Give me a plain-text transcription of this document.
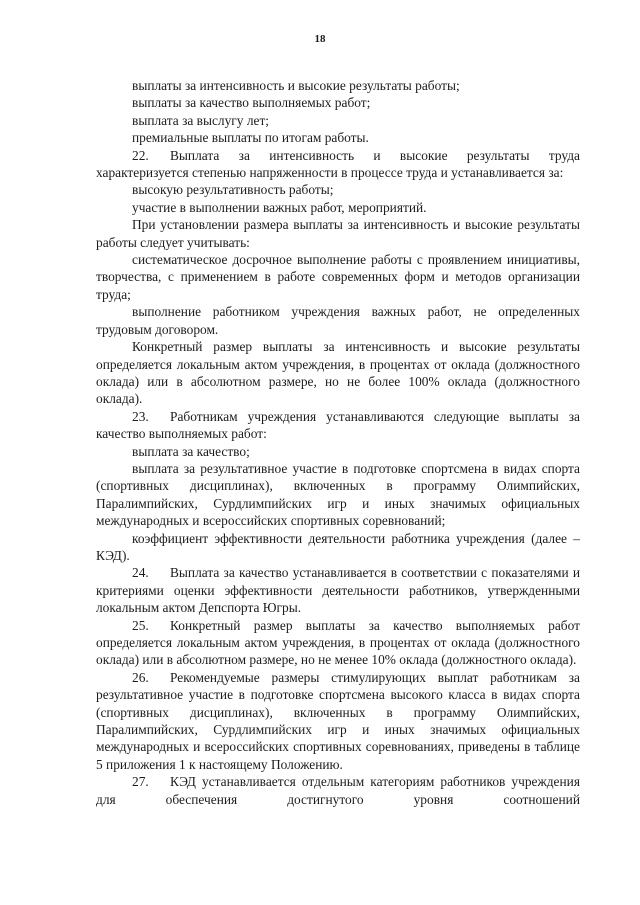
18

выплаты за интенсивность и высокие результаты работы;

выплаты за качество выполняемых работ;

выплата за выслугу лет;

премиальные выплаты по итогам работы.

22. Выплата за интенсивность и высокие результаты труда характеризуется степенью напряженности в процессе труда и устанавливается за:

высокую результативность работы;

участие в выполнении важных работ, мероприятий.

При установлении размера выплаты за интенсивность и высокие результаты работы следует учитывать:

систематическое досрочное выполнение работы с проявлением инициативы, творчества, с применением в работе современных форм и методов организации труда;

выполнение работником учреждения важных работ, не определенных трудовым договором.

Конкретный размер выплаты за интенсивность и высокие результаты определяется локальным актом учреждения, в процентах от оклада (должностного оклада) или в абсолютном размере, но не более 100% оклада (должностного оклада).

23. Работникам учреждения устанавливаются следующие выплаты за качество выполняемых работ:

выплата за качество;

выплата за результативное участие в подготовке спортсмена в видах спорта (спортивных дисциплинах), включенных в программу Олимпийских, Паралимпийских, Сурдлимпийских игр и иных значимых официальных международных и всероссийских спортивных соревнований;

коэффициент эффективности деятельности работника учреждения (далее – КЭД).

24. Выплата за качество устанавливается в соответствии с показателями и критериями оценки эффективности деятельности работников, утвержденными локальным актом Депспорта Югры.

25. Конкретный размер выплаты за качество выполняемых работ определяется локальным актом учреждения, в процентах от оклада (должностного оклада) или в абсолютном размере, но не менее 10% оклада (должностного оклада).

26. Рекомендуемые размеры стимулирующих выплат работникам за результативное участие в подготовке спортсмена высокого класса в видах спорта (спортивных дисциплинах), включенных в программу Олимпийских, Паралимпийских, Сурдлимпийских игр и иных значимых официальных международных и всероссийских спортивных соревнованиях, приведены в таблице 5 приложения 1 к настоящему Положению.

27. КЭД устанавливается отдельным категориям работников учреждения для обеспечения достигнутого уровня соотношений
